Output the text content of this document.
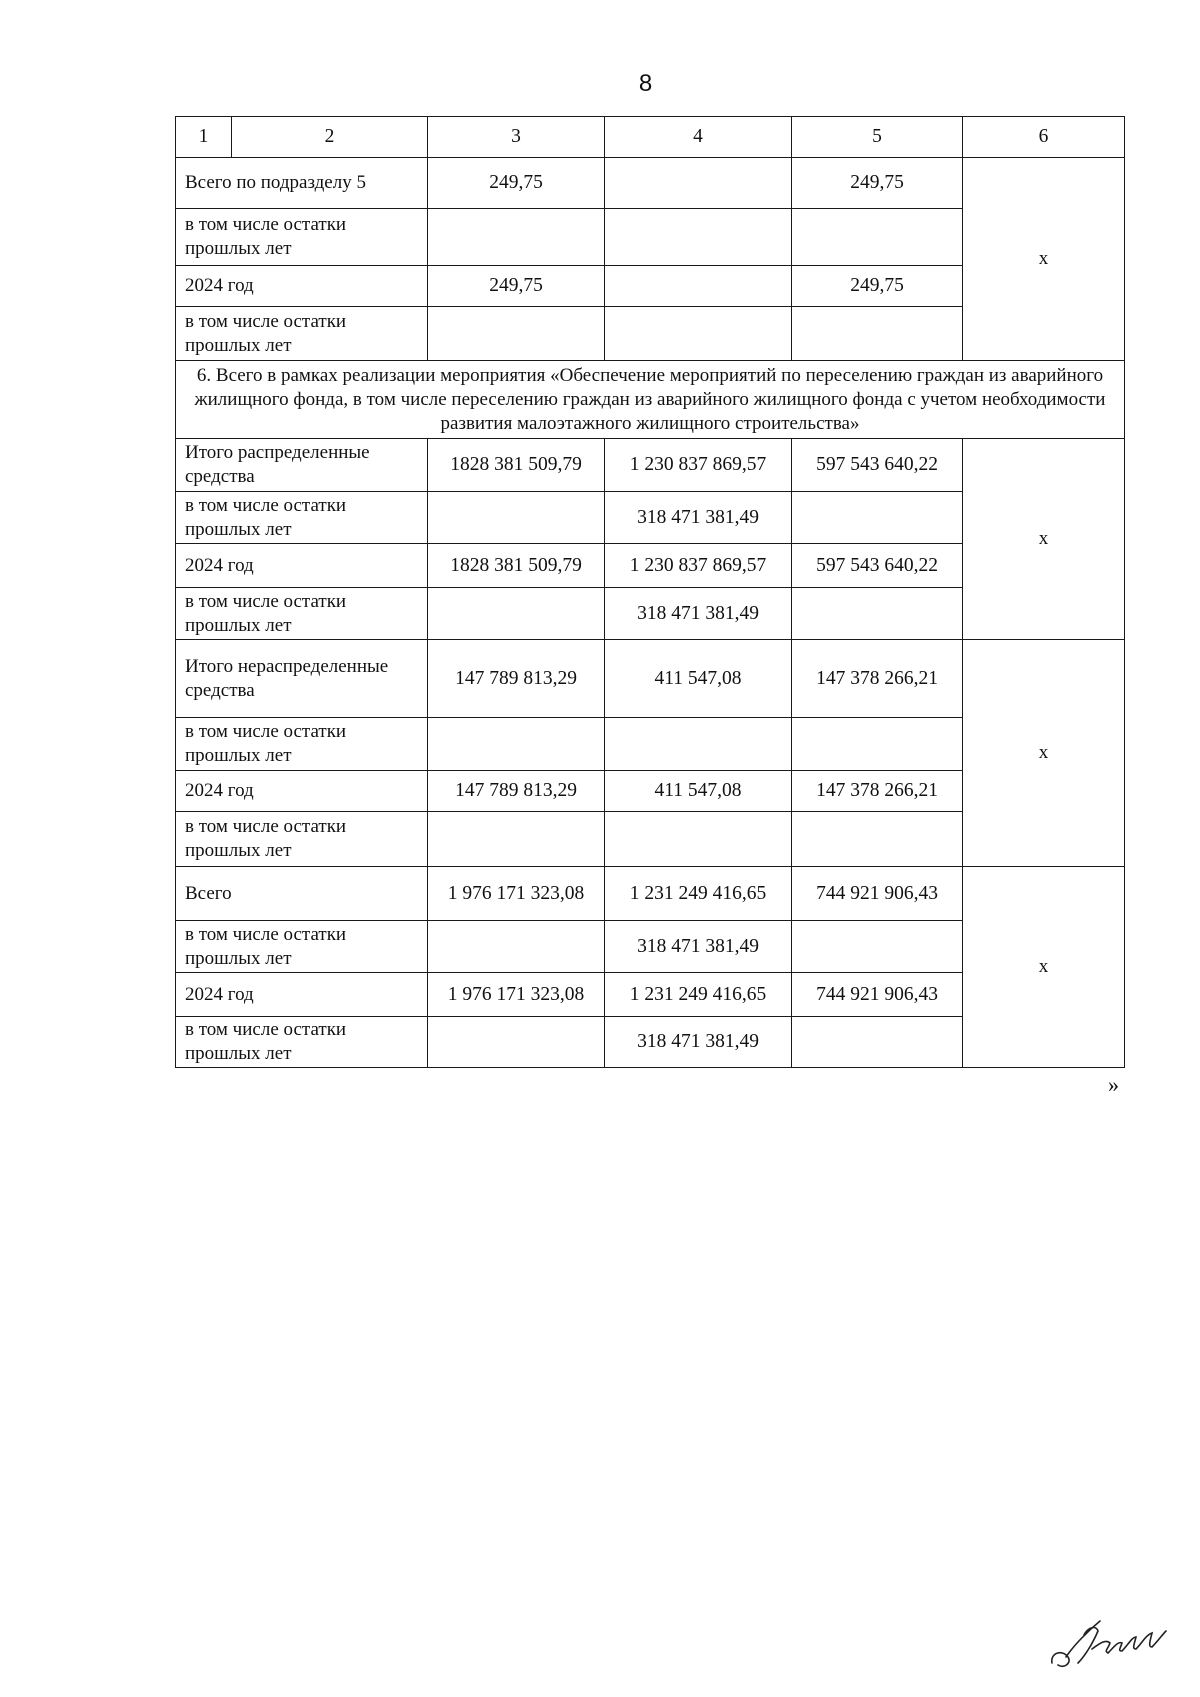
8
1	2	3	4	5	6
Всего по подразделу 5		249,75		249,75	х
в том числе остатки прошлых лет					
2024 год		249,75		249,75	
в том числе остатки прошлых лет					
6. Всего в рамках реализации мероприятия «Обеспечение мероприятий по переселению граждан из аварийного жилищного фонда, в том числе переселению граждан из аварийного жилищного фонда с учетом необходимости развития малоэтажного жилищного строительства»					
Итого распределенные средства		1828 381 509,79	1 230 837 869,57	597 543 640,22	х
в том числе остатки прошлых лет			318 471 381,49		
2024 год		1828 381 509,79	1 230 837 869,57	597 543 640,22	
в том числе остатки прошлых лет			318 471 381,49		
Итого нераспределенные средства		147 789 813,29	411 547,08	147 378 266,21	х
в том числе остатки прошлых лет					
2024 год		147 789 813,29	411 547,08	147 378 266,21	
в том числе остатки прошлых лет					
Всего		1 976 171 323,08	1 231 249 416,65	744 921 906,43	х
в том числе остатки прошлых лет			318 471 381,49		
2024 год		1 976 171 323,08	1 231 249 416,65	744 921 906,43	
в том числе остатки прошлых лет			318 471 381,49		
»
